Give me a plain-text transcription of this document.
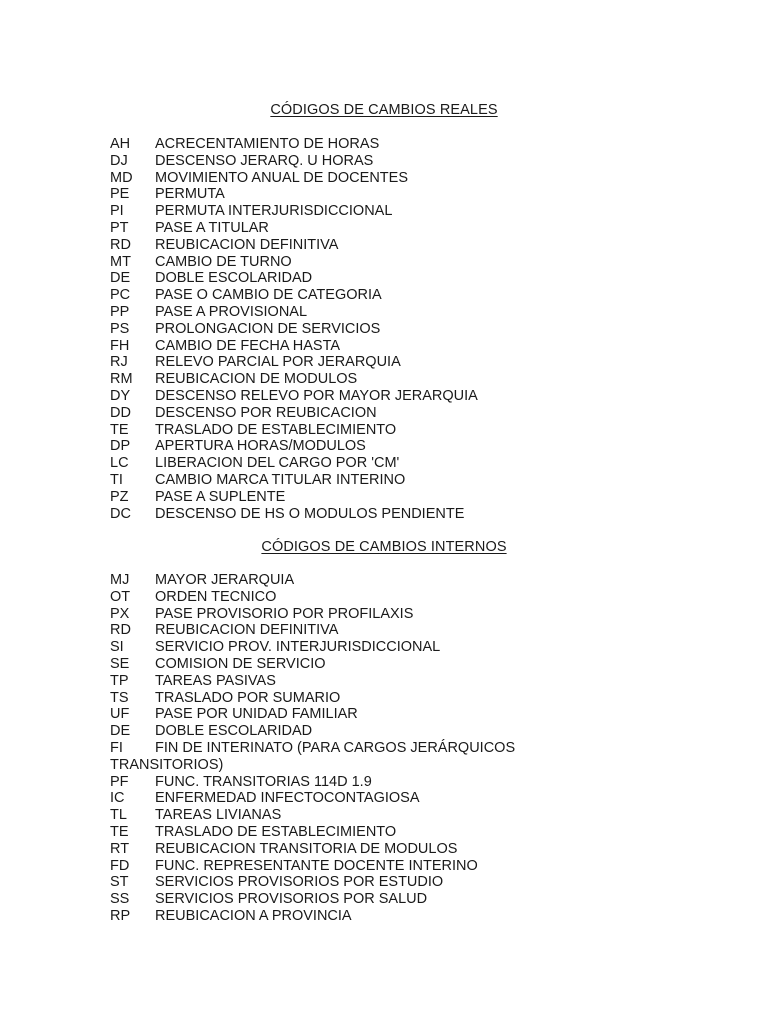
CÓDIGOS DE CAMBIOS REALES
AH ACRECENTAMIENTO DE HORAS
DJ DESCENSO JERARQ. U HORAS
MD MOVIMIENTO ANUAL DE DOCENTES
PE PERMUTA
PI PERMUTA INTERJURISDICCIONAL
PT PASE A TITULAR
RD REUBICACION DEFINITIVA
MT CAMBIO DE TURNO
DE DOBLE ESCOLARIDAD
PC PASE O CAMBIO DE CATEGORIA
PP PASE A PROVISIONAL
PS PROLONGACION DE SERVICIOS
FH CAMBIO DE FECHA HASTA
RJ RELEVO PARCIAL POR JERARQUIA
RM REUBICACION DE MODULOS
DY DESCENSO RELEVO POR MAYOR JERARQUIA
DD DESCENSO POR REUBICACION
TE TRASLADO DE ESTABLECIMIENTO
DP APERTURA HORAS/MODULOS
LC LIBERACION DEL CARGO POR 'CM'
TI CAMBIO MARCA TITULAR INTERINO
PZ PASE A SUPLENTE
DC DESCENSO DE HS O MODULOS PENDIENTE
CÓDIGOS DE CAMBIOS INTERNOS
MJ MAYOR JERARQUIA
OT ORDEN TECNICO
PX PASE PROVISORIO POR PROFILAXIS
RD REUBICACION DEFINITIVA
SI SERVICIO PROV. INTERJURISDICCIONAL
SE COMISION DE SERVICIO
TP TAREAS PASIVAS
TS TRASLADO POR SUMARIO
UF PASE POR UNIDAD FAMILIAR
DE DOBLE ESCOLARIDAD
FI FIN DE INTERINATO (PARA CARGOS JERÁRQUICOS
TRANSITORIOS)
PF FUNC. TRANSITORIAS 114D 1.9
IC ENFERMEDAD INFECTOCONTAGIOSA
TL TAREAS LIVIANAS
TE TRASLADO DE ESTABLECIMIENTO
RT REUBICACION TRANSITORIA DE MODULOS
FD FUNC. REPRESENTANTE DOCENTE INTERINO
ST SERVICIOS PROVISORIOS POR ESTUDIO
SS SERVICIOS PROVISORIOS POR SALUD
RP REUBICACION A PROVINCIA
